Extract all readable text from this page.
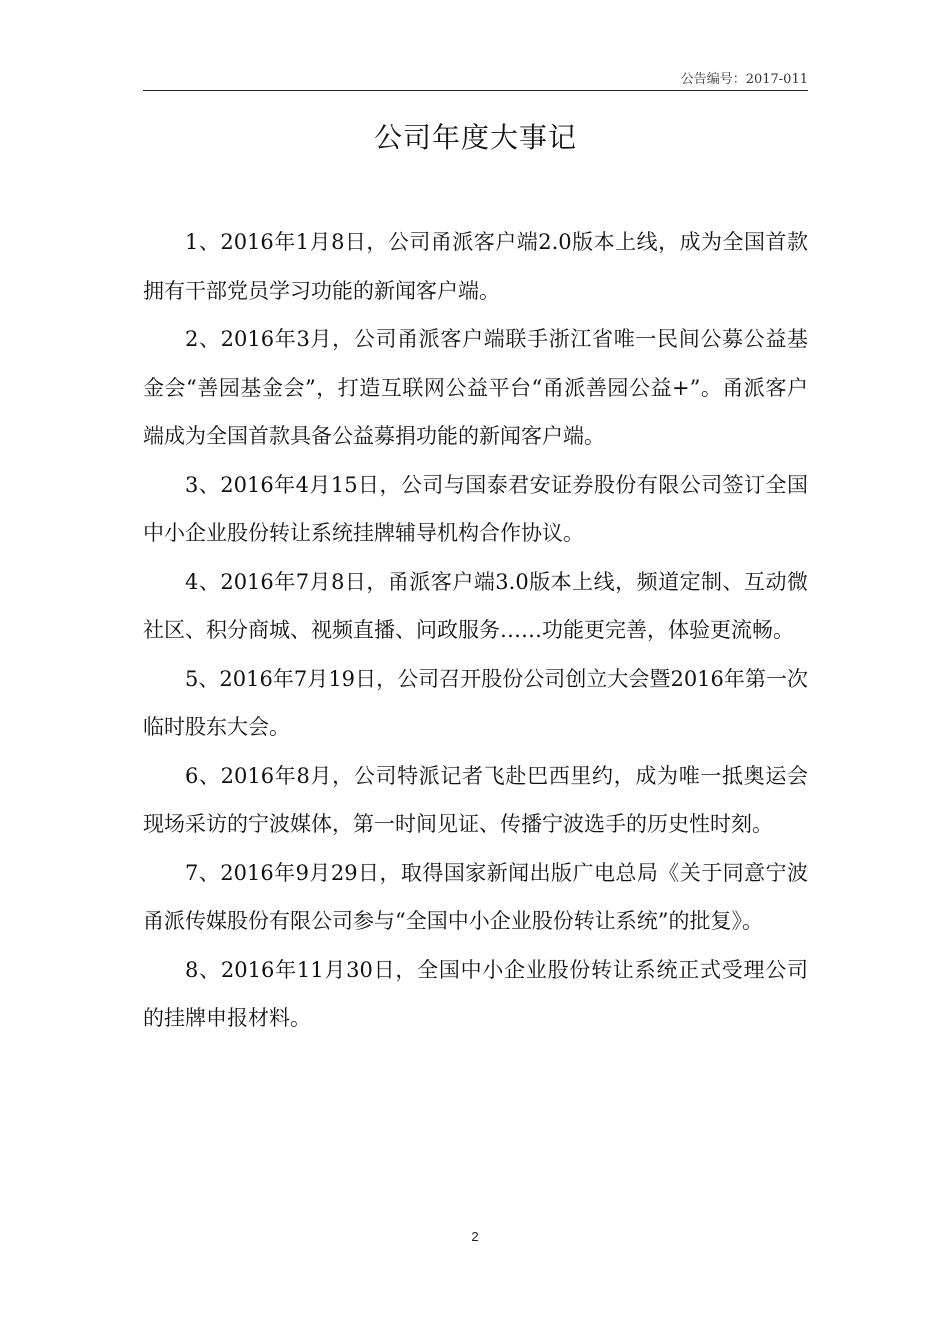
公告编号：2017-011
公司年度大事记
1、2016年1月8日，公司甬派客户端2.0版本上线，成为全国首款拥有干部党员学习功能的新闻客户端。
2、2016年3月，公司甬派客户端联手浙江省唯一民间公募公益基金会“善园基金会”，打造互联网公益平台“甬派善园公益+”。甬派客户端成为全国首款具备公益募捐功能的新闻客户端。
3、2016年4月15日，公司与国泰君安证券股份有限公司签订全国中小企业股份转让系统挂牌辅导机构合作协议。
4、2016年7月8日，甬派客户端3.0版本上线，频道定制、互动微社区、积分商城、视频直播、问政服务……功能更完善，体验更流畅。
5、2016年7月19日，公司召开股份公司创立大会暨2016年第一次临时股东大会。
6、2016年8月，公司特派记者飞赴巴西里约，成为唯一抵奥运会现场采访的宁波媒体，第一时间见证、传播宁波选手的历史性时刻。
7、2016年9月29日，取得国家新闻出版广电总局《关于同意宁波甬派传媒股份有限公司参与“全国中小企业股份转让系统”的批复》。
8、2016年11月30日，全国中小企业股份转让系统正式受理公司的挂牌申报材料。
2
